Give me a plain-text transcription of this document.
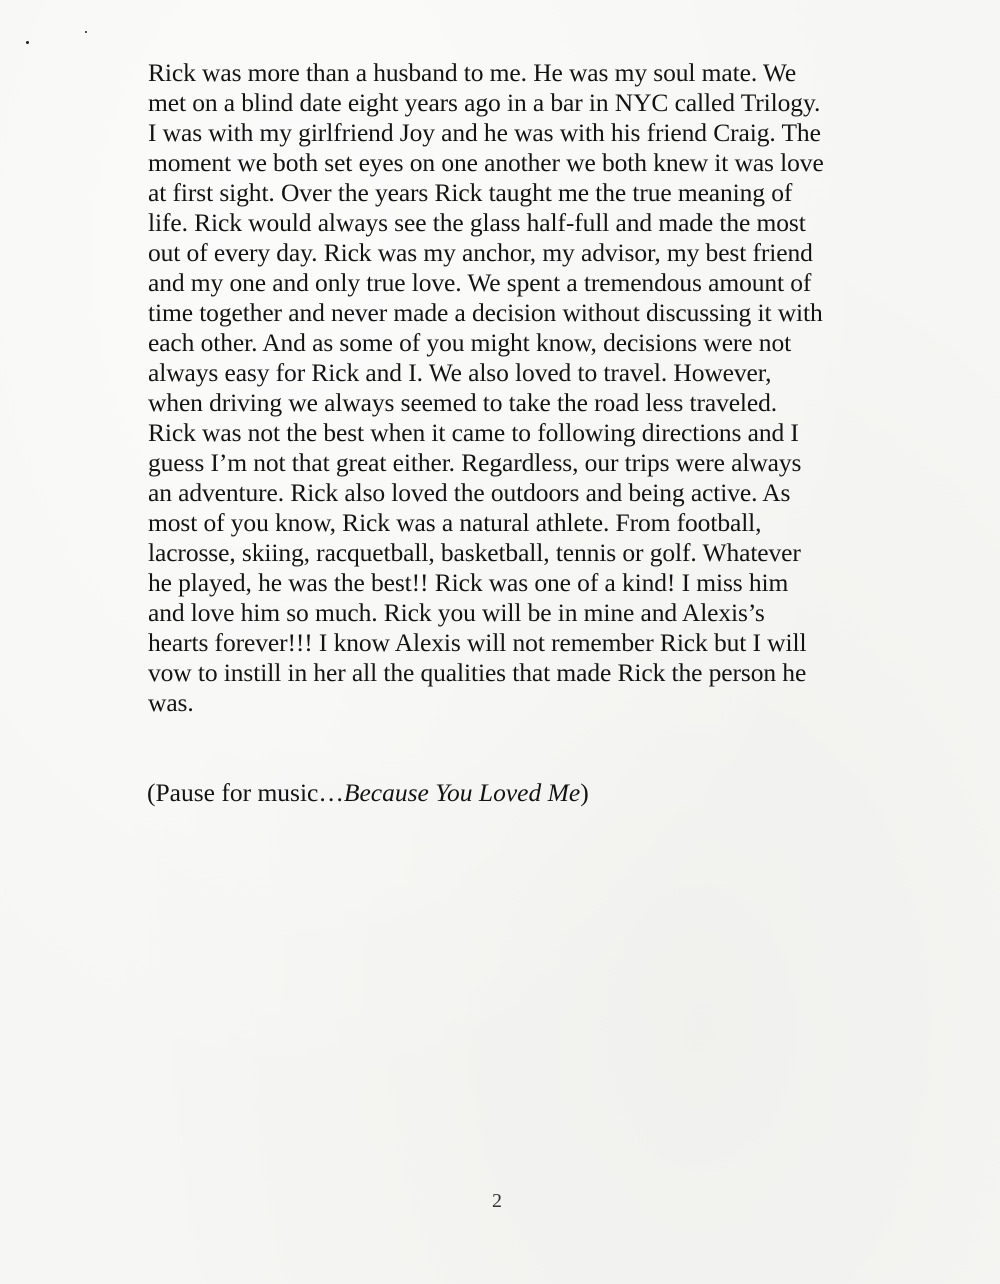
Rick was more than a husband to me. He was my soul mate. We

met on a blind date eight years ago in a bar in NYC called Trilogy.

I was with my girlfriend Joy and he was with his friend Craig. The

moment we both set eyes on one another we both knew it was love

at first sight. Over the years Rick taught me the true meaning of

life. Rick would always see the glass half-full and made the most

out of every day. Rick was my anchor, my advisor, my best friend

and my one and only true love. We spent a tremendous amount of

time together and never made a decision without discussing it with

each other. And as some of you might know, decisions were not

always easy for Rick and I. We also loved to travel. However,

when driving we always seemed to take the road less traveled.

Rick was not the best when it came to following directions and I

guess I’m not that great either. Regardless, our trips were always

an adventure. Rick also loved the outdoors and being active. As

most of you know, Rick was a natural athlete. From football,

lacrosse, skiing, racquetball, basketball, tennis or golf. Whatever

he played, he was the best!! Rick was one of a kind! I miss him

and love him so much. Rick you will be in mine and Alexis’s

hearts forever!!! I know Alexis will not remember Rick but I will

vow to instill in her all the qualities that made Rick the person he

was.

(Pause for music…Because You Loved Me)

2
